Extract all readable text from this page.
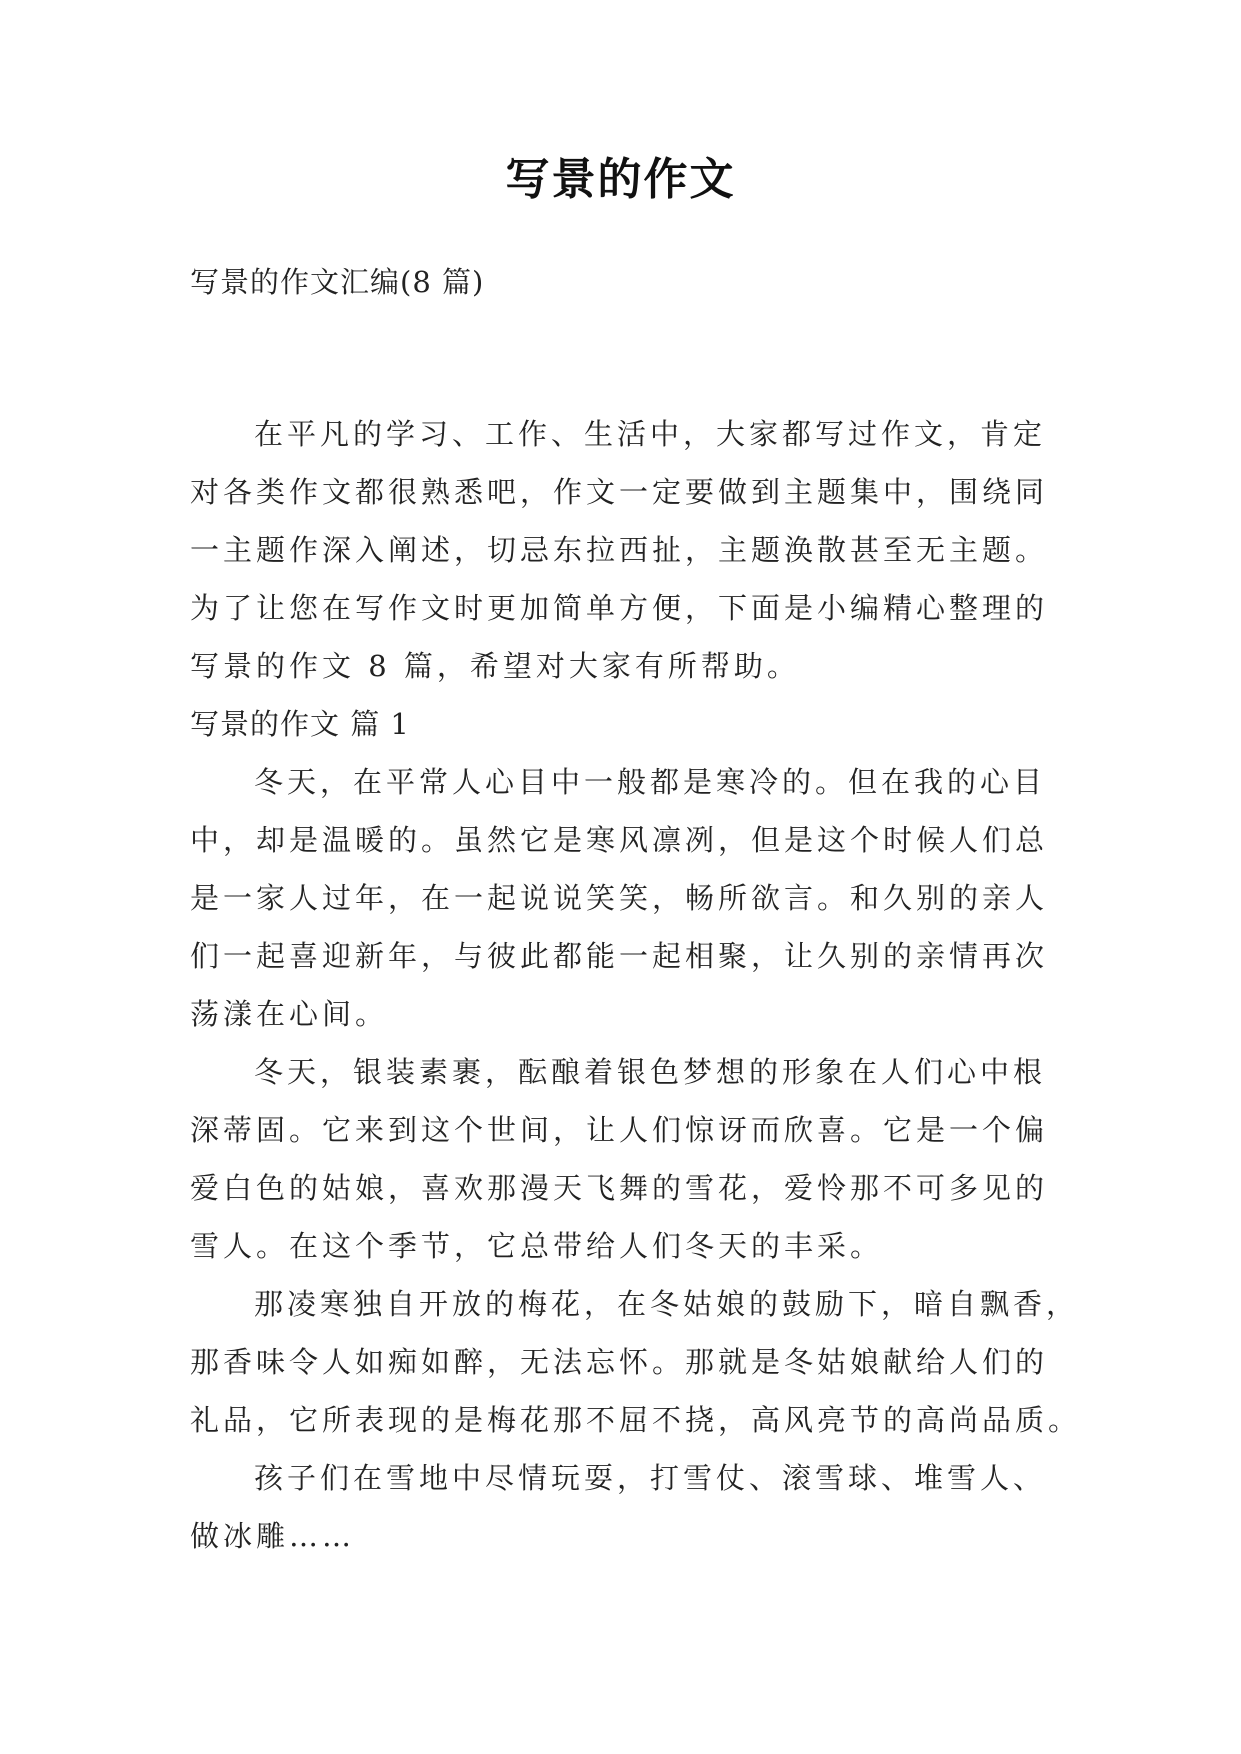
写景的作文
写景的作文汇编(8 篇)
在平凡的学习、工作、生活中，大家都写过作文，肯定
对各类作文都很熟悉吧，作文一定要做到主题集中，围绕同
一主题作深入阐述，切忌东拉西扯，主题涣散甚至无主题。
为了让您在写作文时更加简单方便，下面是小编精心整理的
写景的作文 8 篇，希望对大家有所帮助。
写景的作文 篇 1
冬天，在平常人心目中一般都是寒冷的。但在我的心目
中，却是温暖的。虽然它是寒风凛冽，但是这个时候人们总
是一家人过年，在一起说说笑笑，畅所欲言。和久别的亲人
们一起喜迎新年，与彼此都能一起相聚，让久别的亲情再次
荡漾在心间。
冬天，银装素裹，酝酿着银色梦想的形象在人们心中根
深蒂固。它来到这个世间，让人们惊讶而欣喜。它是一个偏
爱白色的姑娘，喜欢那漫天飞舞的雪花，爱怜那不可多见的
雪人。在这个季节，它总带给人们冬天的丰采。
那凌寒独自开放的梅花，在冬姑娘的鼓励下，暗自飘香，
那香味令人如痴如醉，无法忘怀。那就是冬姑娘献给人们的
礼品，它所表现的是梅花那不屈不挠，高风亮节的高尚品质。
孩子们在雪地中尽情玩耍，打雪仗、滚雪球、堆雪人、
做冰雕……
